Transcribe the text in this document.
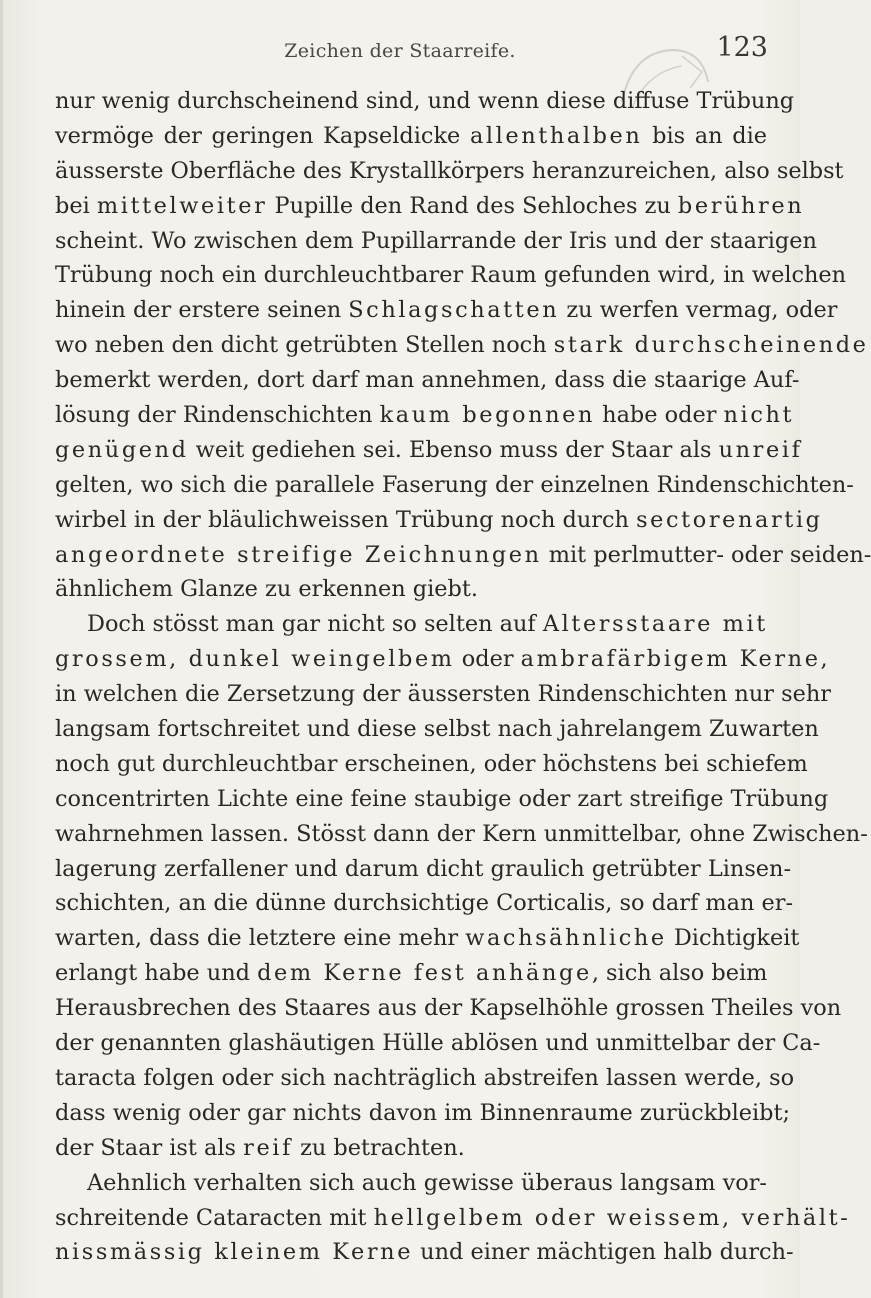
Zeichen der Staarreife.	123
nur wenig durchscheinend sind, und wenn diese diffuse Trübung
vermöge der geringen Kapseldicke allenthalben bis an die
äusserste Oberfläche des Krystallkörpers heranzureichen, also selbst
bei mittelweiter Pupille den Rand des Sehloches zu berühren
scheint. Wo zwischen dem Pupillarrande der Iris und der staarigen
Trübung noch ein durchleuchtbarer Raum gefunden wird, in welchen
hinein der erstere seinen Schlagschatten zu werfen vermag, oder
wo neben den dicht getrübten Stellen noch stark durchscheinende
bemerkt werden, dort darf man annehmen, dass die staarige Auf-
lösung der Rindenschichten kaum begonnen habe oder nicht
genügend weit gediehen sei. Ebenso muss der Staar als unreif
gelten, wo sich die parallele Faserung der einzelnen Rindenschichten-
wirbel in der bläulichweissen Trübung noch durch sectorenartig
angeordnete streifige Zeichnungen mit perlmutter- oder seiden-
ähnlichem Glanze zu erkennen giebt.
Doch stösst man gar nicht so selten auf Altersstaare mit
grossem, dunkel weingelbem oder ambrafärbigem Kerne,
in welchen die Zersetzung der äussersten Rindenschichten nur sehr
langsam fortschreitet und diese selbst nach jahrelangem Zuwarten
noch gut durchleuchtbar erscheinen, oder höchstens bei schiefem
concentrirten Lichte eine feine staubige oder zart streifige Trübung
wahrnehmen lassen. Stösst dann der Kern unmittelbar, ohne Zwischen-
lagerung zerfallener und darum dicht graulich getrübter Linsen-
schichten, an die dünne durchsichtige Corticalis, so darf man er-
warten, dass die letztere eine mehr wachsähnliche Dichtigkeit
erlangt habe und dem Kerne fest anhänge, sich also beim
Herausbrechen des Staares aus der Kapselhöhle grossen Theiles von
der genannten glashäutigen Hülle ablösen und unmittelbar der Ca-
taracta folgen oder sich nachträglich abstreifen lassen werde, so
dass wenig oder gar nichts davon im Binnenraume zurückbleibt;
der Staar ist als reif zu betrachten.
Aehnlich verhalten sich auch gewisse überaus langsam vor-
schreitende Cataracten mit hellgelbem oder weissem, verhält-
nissmässig kleinem Kerne und einer mächtigen halb durch-
